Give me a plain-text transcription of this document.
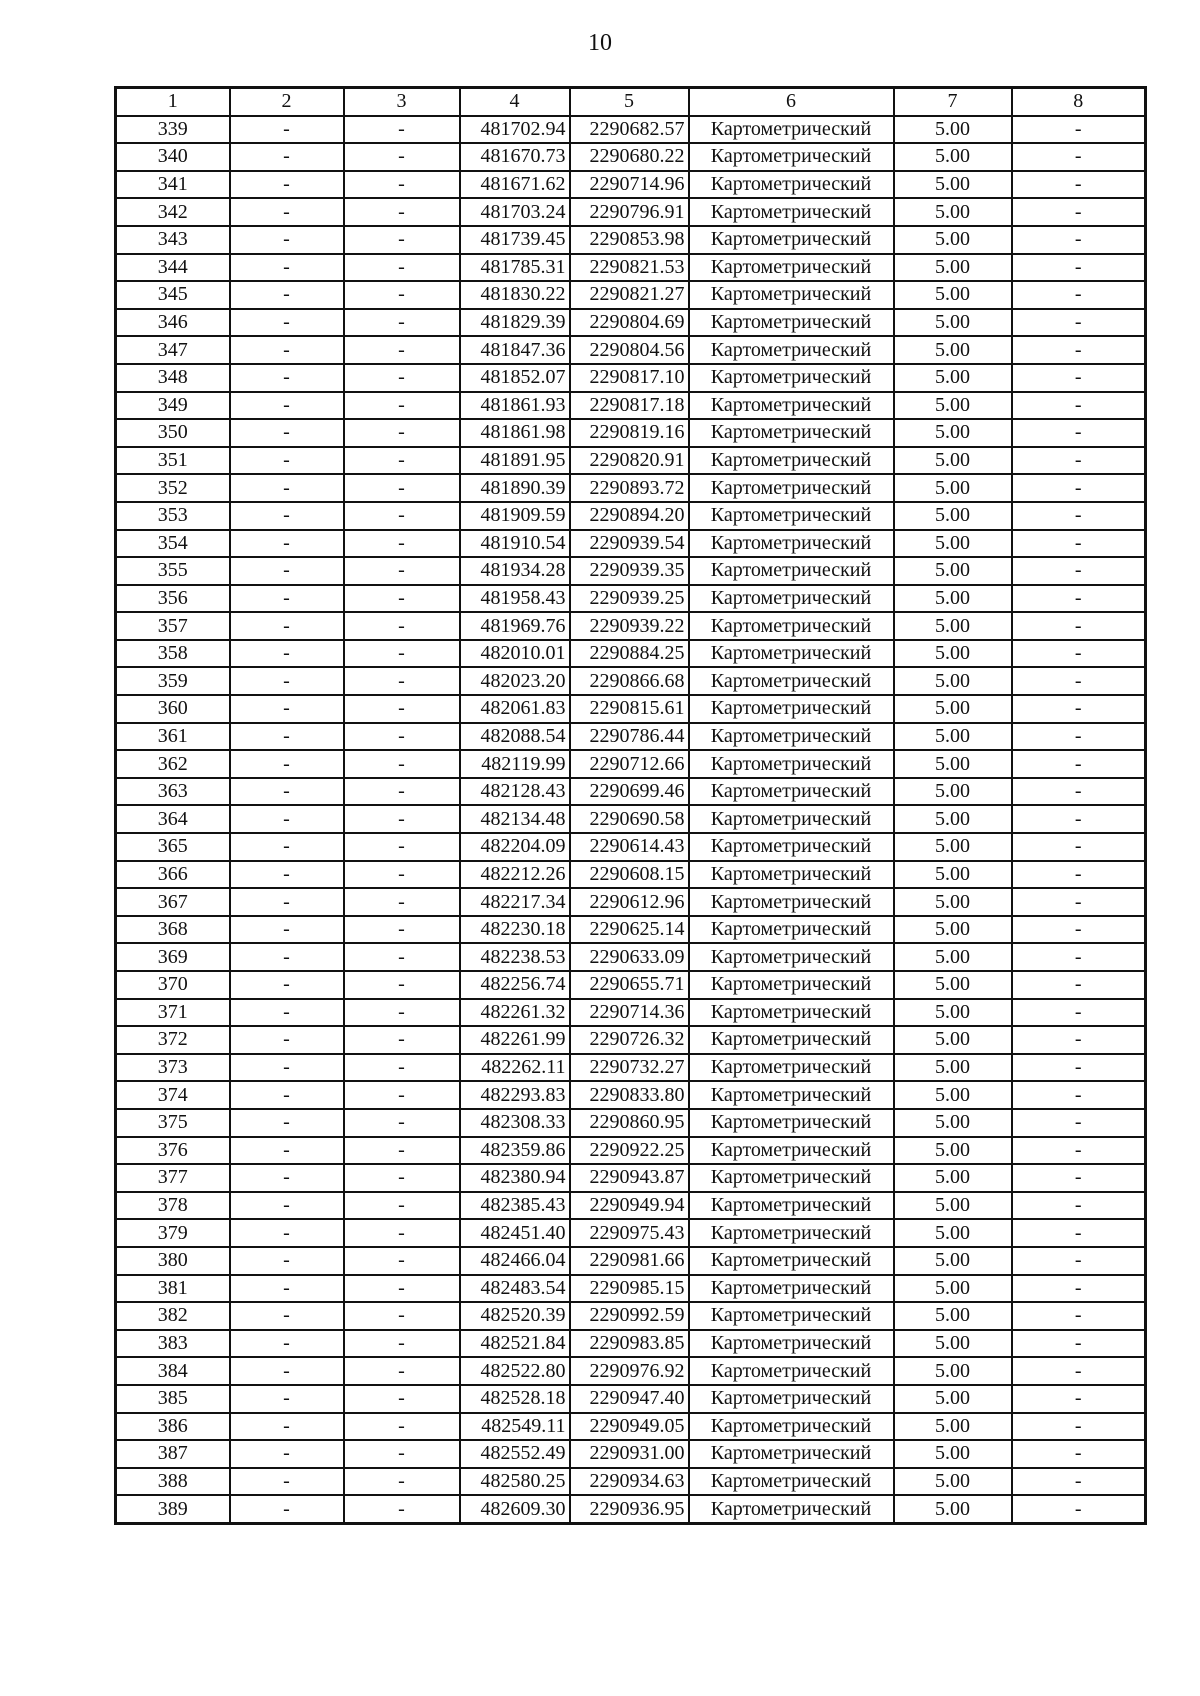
10
1	2	3	4	5	6	7	8
339	-	-	481702.94	2290682.57	Картометрический	5.00	-
340	-	-	481670.73	2290680.22	Картометрический	5.00	-
341	-	-	481671.62	2290714.96	Картометрический	5.00	-
342	-	-	481703.24	2290796.91	Картометрический	5.00	-
343	-	-	481739.45	2290853.98	Картометрический	5.00	-
344	-	-	481785.31	2290821.53	Картометрический	5.00	-
345	-	-	481830.22	2290821.27	Картометрический	5.00	-
346	-	-	481829.39	2290804.69	Картометрический	5.00	-
347	-	-	481847.36	2290804.56	Картометрический	5.00	-
348	-	-	481852.07	2290817.10	Картометрический	5.00	-
349	-	-	481861.93	2290817.18	Картометрический	5.00	-
350	-	-	481861.98	2290819.16	Картометрический	5.00	-
351	-	-	481891.95	2290820.91	Картометрический	5.00	-
352	-	-	481890.39	2290893.72	Картометрический	5.00	-
353	-	-	481909.59	2290894.20	Картометрический	5.00	-
354	-	-	481910.54	2290939.54	Картометрический	5.00	-
355	-	-	481934.28	2290939.35	Картометрический	5.00	-
356	-	-	481958.43	2290939.25	Картометрический	5.00	-
357	-	-	481969.76	2290939.22	Картометрический	5.00	-
358	-	-	482010.01	2290884.25	Картометрический	5.00	-
359	-	-	482023.20	2290866.68	Картометрический	5.00	-
360	-	-	482061.83	2290815.61	Картометрический	5.00	-
361	-	-	482088.54	2290786.44	Картометрический	5.00	-
362	-	-	482119.99	2290712.66	Картометрический	5.00	-
363	-	-	482128.43	2290699.46	Картометрический	5.00	-
364	-	-	482134.48	2290690.58	Картометрический	5.00	-
365	-	-	482204.09	2290614.43	Картометрический	5.00	-
366	-	-	482212.26	2290608.15	Картометрический	5.00	-
367	-	-	482217.34	2290612.96	Картометрический	5.00	-
368	-	-	482230.18	2290625.14	Картометрический	5.00	-
369	-	-	482238.53	2290633.09	Картометрический	5.00	-
370	-	-	482256.74	2290655.71	Картометрический	5.00	-
371	-	-	482261.32	2290714.36	Картометрический	5.00	-
372	-	-	482261.99	2290726.32	Картометрический	5.00	-
373	-	-	482262.11	2290732.27	Картометрический	5.00	-
374	-	-	482293.83	2290833.80	Картометрический	5.00	-
375	-	-	482308.33	2290860.95	Картометрический	5.00	-
376	-	-	482359.86	2290922.25	Картометрический	5.00	-
377	-	-	482380.94	2290943.87	Картометрический	5.00	-
378	-	-	482385.43	2290949.94	Картометрический	5.00	-
379	-	-	482451.40	2290975.43	Картометрический	5.00	-
380	-	-	482466.04	2290981.66	Картометрический	5.00	-
381	-	-	482483.54	2290985.15	Картометрический	5.00	-
382	-	-	482520.39	2290992.59	Картометрический	5.00	-
383	-	-	482521.84	2290983.85	Картометрический	5.00	-
384	-	-	482522.80	2290976.92	Картометрический	5.00	-
385	-	-	482528.18	2290947.40	Картометрический	5.00	-
386	-	-	482549.11	2290949.05	Картометрический	5.00	-
387	-	-	482552.49	2290931.00	Картометрический	5.00	-
388	-	-	482580.25	2290934.63	Картометрический	5.00	-
389	-	-	482609.30	2290936.95	Картометрический	5.00	-
